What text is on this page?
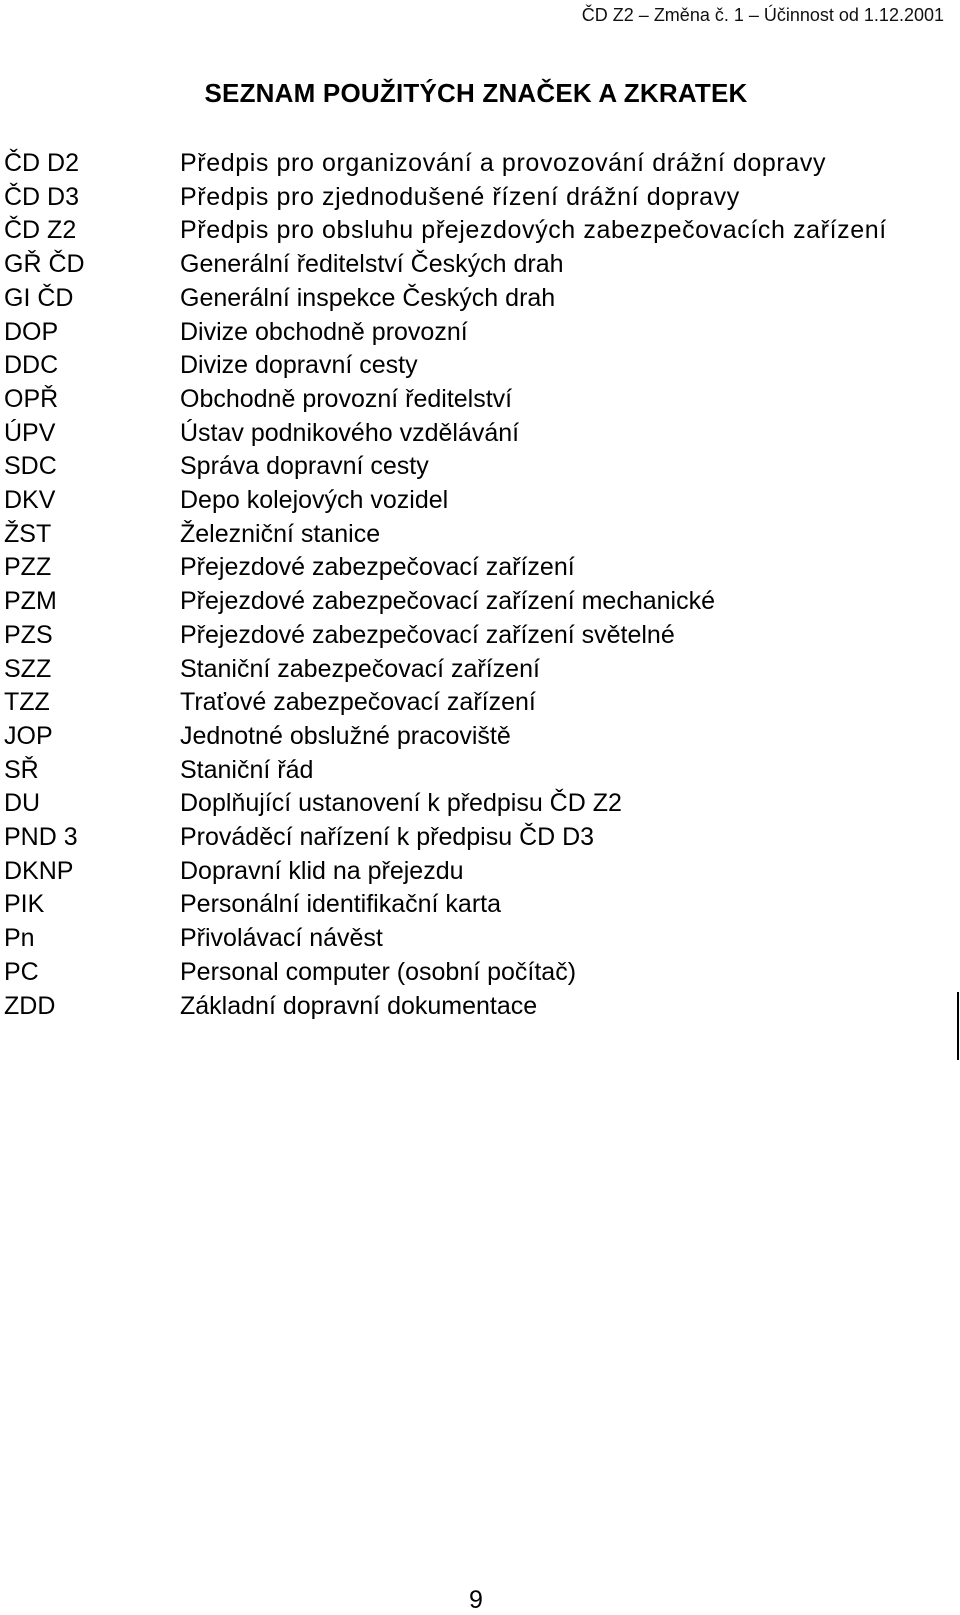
ČD Z2 – Změna č. 1 – Účinnost od 1.12.2001
SEZNAM POUŽITÝCH ZNAČEK A ZKRATEK
ČD D2	Předpis pro organizování a provozování drážní dopravy
ČD D3	Předpis pro zjednodušené řízení drážní dopravy
ČD Z2	Předpis pro obsluhu přejezdových zabezpečovacích zařízení
GŘ ČD	Generální ředitelství Českých drah
GI ČD	Generální inspekce Českých drah
DOP	Divize obchodně provozní
DDC	Divize dopravní cesty
OPŘ	Obchodně provozní ředitelství
ÚPV	Ústav podnikového vzdělávání
SDC	Správa dopravní cesty
DKV	Depo kolejových vozidel
ŽST	Železniční stanice
PZZ	Přejezdové zabezpečovací zařízení
PZM	Přejezdové zabezpečovací zařízení mechanické
PZS	Přejezdové zabezpečovací zařízení světelné
SZZ	Staniční zabezpečovací zařízení
TZZ	Traťové zabezpečovací zařízení
JOP	Jednotné obslužné pracoviště
SŘ	Staniční řád
DU	Doplňující ustanovení k předpisu ČD Z2
PND 3	Prováděcí nařízení k předpisu ČD D3
DKNP	Dopravní klid na přejezdu
PIK	Personální identifikační karta
Pn	Přivolávací návěst
PC	Personal computer (osobní počítač)
ZDD	Základní dopravní dokumentace
9
